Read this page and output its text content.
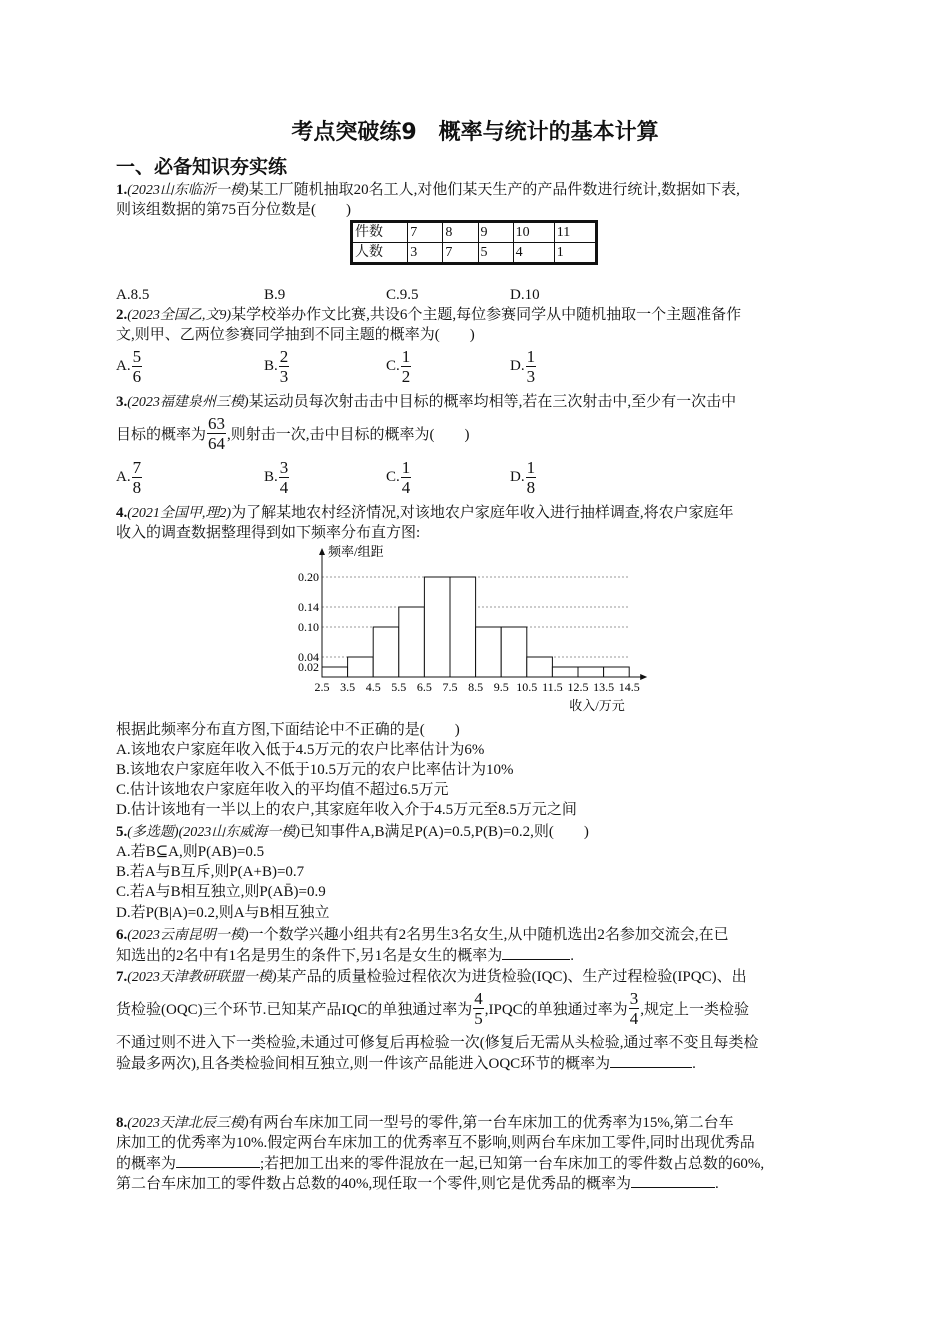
考点突破练9　概率与统计的基本计算
一、必备知识夯实练
1.(2023山东临沂一模)某工厂随机抽取20名工人,对他们某天生产的产品件数进行统计,数据如下表,
则该组数据的第75百分位数是(　　)
件数	7	8	9	10	11
人数	3	7	5	4	1
A.8.5	B.9	C.9.5	D.10
2.(2023全国乙,文9)某学校举办作文比赛,共设6个主题,每位参赛同学从中随机抽取一个主题准备作
文,则甲、乙两位参赛同学抽到不同主题的概率为(　　)
A. $\frac{5}{6}$	B. $\frac{2}{3}$	C. $\frac{1}{2}$	D. $\frac{1}{3}$
3.(2023福建泉州三模)某运动员每次射击击中目标的概率均相等,若在三次射击中,至少有一次击中
目标的概率为 $\frac{63}{64}$ ,则射击一次,击中目标的概率为(　　)
A. $\frac{7}{8}$	B. $\frac{3}{4}$	C. $\frac{1}{4}$	D. $\frac{1}{8}$
4.(2021全国甲,理2)为了解某地农村经济情况,对该地农户家庭年收入进行抽样调查,将农户家庭年
收入的调查数据整理得到如下频率分布直方图:
0.20
0.14
0.10
0.04
0.02
2.5 3.5 4.5 5.5 6.5 7.5 8.5 9.5 10.5 11.5 12.5 13.5 14.5
频率/组距
收入/万元
根据此频率分布直方图,下面结论中不正确的是(　　)
A.该地农户家庭年收入低于4.5万元的农户比率估计为6%
B.该地农户家庭年收入不低于10.5万元的农户比率估计为10%
C.估计该地农户家庭年收入的平均值不超过6.5万元
D.估计该地有一半以上的农户,其家庭年收入介于4.5万元至8.5万元之间
5.(多选题)(2023山东威海一模)已知事件A,B满足P(A)=0.5,P(B)=0.2,则(　　)
A.若B⊆A,则P(AB)=0.5
B.若A与B互斥,则P(A+B)=0.7
C.若A与B相互独立,则P(AB̄)=0.9
D.若P(B|A)=0.2,则A与B相互独立
6.(2023云南昆明一模)一个数学兴趣小组共有2名男生3名女生,从中随机选出2名参加交流会,在已
知选出的2名中有1名是男生的条件下,另1名是女生的概率为	.
7.(2023天津教研联盟一模)某产品的质量检验过程依次为进货检验(IQC)、生产过程检验(IPQC)、出
货检验(OQC)三个环节.已知某产品IQC的单独通过率为 $\frac{4}{5}$ ,IPQC的单独通过率为 $\frac{3}{4}$ ,规定上一类检验
不通过则不进入下一类检验,未通过可修复后再检验一次(修复后无需从头检验,通过率不变且每类检
验最多两次),且各类检验间相互独立,则一件该产品能进入OQC环节的概率为	.
8.(2023天津北辰三模)有两台车床加工同一型号的零件,第一台车床加工的优秀率为15%,第二台车
床加工的优秀率为10%.假定两台车床加工的优秀率互不影响,则两台车床加工零件,同时出现优秀品
的概率为	;若把加工出来的零件混放在一起,已知第一台车床加工的零件数占总数的60%,
第二台车床加工的零件数占总数的40%,现任取一个零件,则它是优秀品的概率为	.
